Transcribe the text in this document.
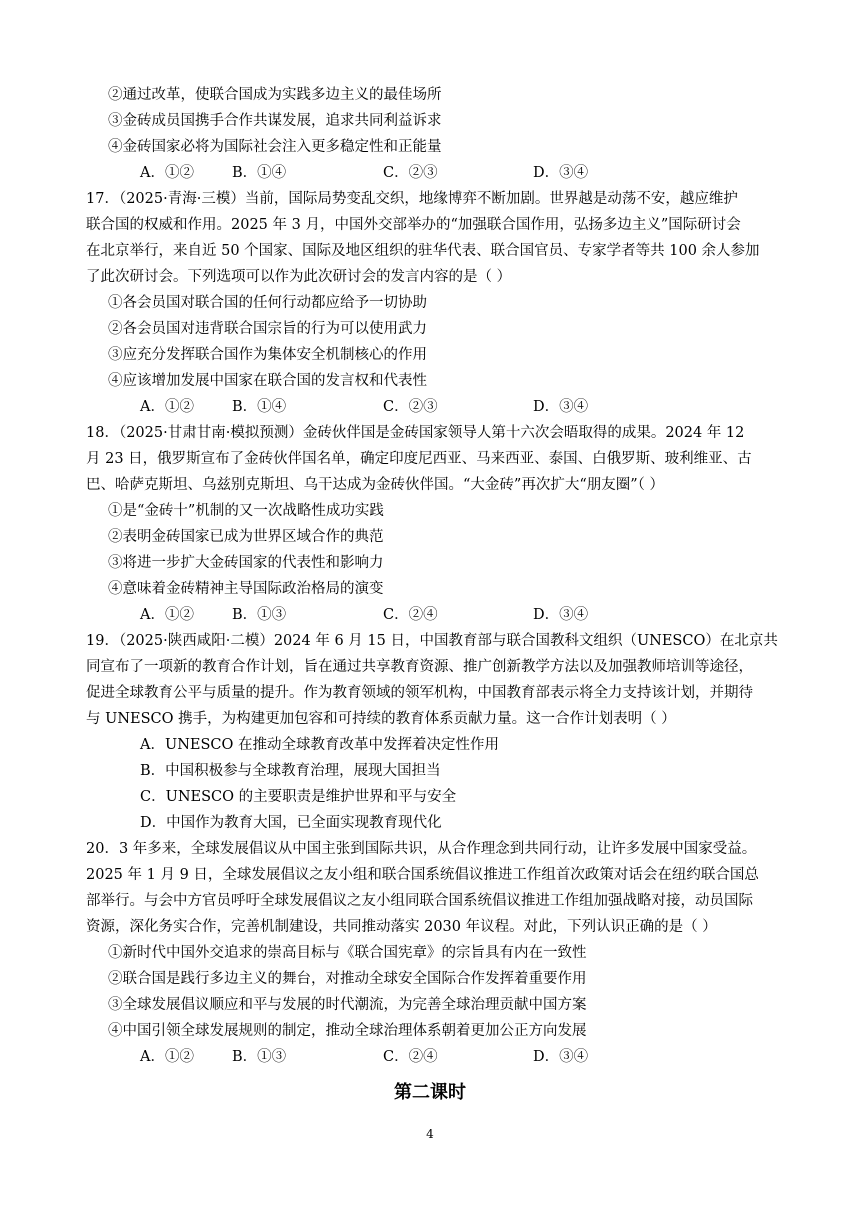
②通过改革，使联合国成为实践多边主义的最佳场所
③金砖成员国携手合作共谋发展，追求共同利益诉求
④金砖国家必将为国际社会注入更多稳定性和正能量
A．①②	B．①④	C．②③	D．③④
17．（2025·青海·三模）当前，国际局势变乱交织，地缘博弈不断加剧。世界越是动荡不安，越应维护
联合国的权威和作用。2025 年 3 月，中国外交部举办的“加强联合国作用，弘扬多边主义”国际研讨会
在北京举行，来自近 50 个国家、国际及地区组织的驻华代表、联合国官员、专家学者等共 100 余人参加
了此次研讨会。下列选项可以作为此次研讨会的发言内容的是（ ）
①各会员国对联合国的任何行动都应给予一切协助
②各会员国对违背联合国宗旨的行为可以使用武力
③应充分发挥联合国作为集体安全机制核心的作用
④应该增加发展中国家在联合国的发言权和代表性
A．①②	B．①④	C．②③	D．③④
18．（2025·甘肃甘南·模拟预测）金砖伙伴国是金砖国家领导人第十六次会晤取得的成果。2024 年 12
月 23 日，俄罗斯宣布了金砖伙伴国名单，确定印度尼西亚、马来西亚、泰国、白俄罗斯、玻利维亚、古
巴、哈萨克斯坦、乌兹别克斯坦、乌干达成为金砖伙伴国。“大金砖”再次扩大“朋友圈”（ ）
①是“金砖十”机制的又一次战略性成功实践
②表明金砖国家已成为世界区域合作的典范
③将进一步扩大金砖国家的代表性和影响力
④意味着金砖精神主导国际政治格局的演变
A．①②	B．①③	C．②④	D．③④
19．（2025·陕西咸阳·二模）2024 年 6 月 15 日，中国教育部与联合国教科文组织（UNESCO）在北京共
同宣布了一项新的教育合作计划，旨在通过共享教育资源、推广创新教学方法以及加强教师培训等途径，
促进全球教育公平与质量的提升。作为教育领域的领军机构，中国教育部表示将全力支持该计划，并期待
与 UNESCO 携手，为构建更加包容和可持续的教育体系贡献力量。这一合作计划表明（ ）
A．UNESCO 在推动全球教育改革中发挥着决定性作用
B．中国积极参与全球教育治理，展现大国担当
C．UNESCO 的主要职责是维护世界和平与安全
D．中国作为教育大国，已全面实现教育现代化
20．3 年多来，全球发展倡议从中国主张到国际共识，从合作理念到共同行动，让许多发展中国家受益。
2025 年 1 月 9 日，全球发展倡议之友小组和联合国系统倡议推进工作组首次政策对话会在纽约联合国总
部举行。与会中方官员呼吁全球发展倡议之友小组同联合国系统倡议推进工作组加强战略对接，动员国际
资源，深化务实合作，完善机制建设，共同推动落实 2030 年议程。对此，下列认识正确的是（ ）
①新时代中国外交追求的崇高目标与《联合国宪章》的宗旨具有内在一致性
②联合国是践行多边主义的舞台，对推动全球安全国际合作发挥着重要作用
③全球发展倡议顺应和平与发展的时代潮流，为完善全球治理贡献中国方案
④中国引领全球发展规则的制定，推动全球治理体系朝着更加公正方向发展
A．①②	B．①③	C．②④	D．③④
第二课时
4
